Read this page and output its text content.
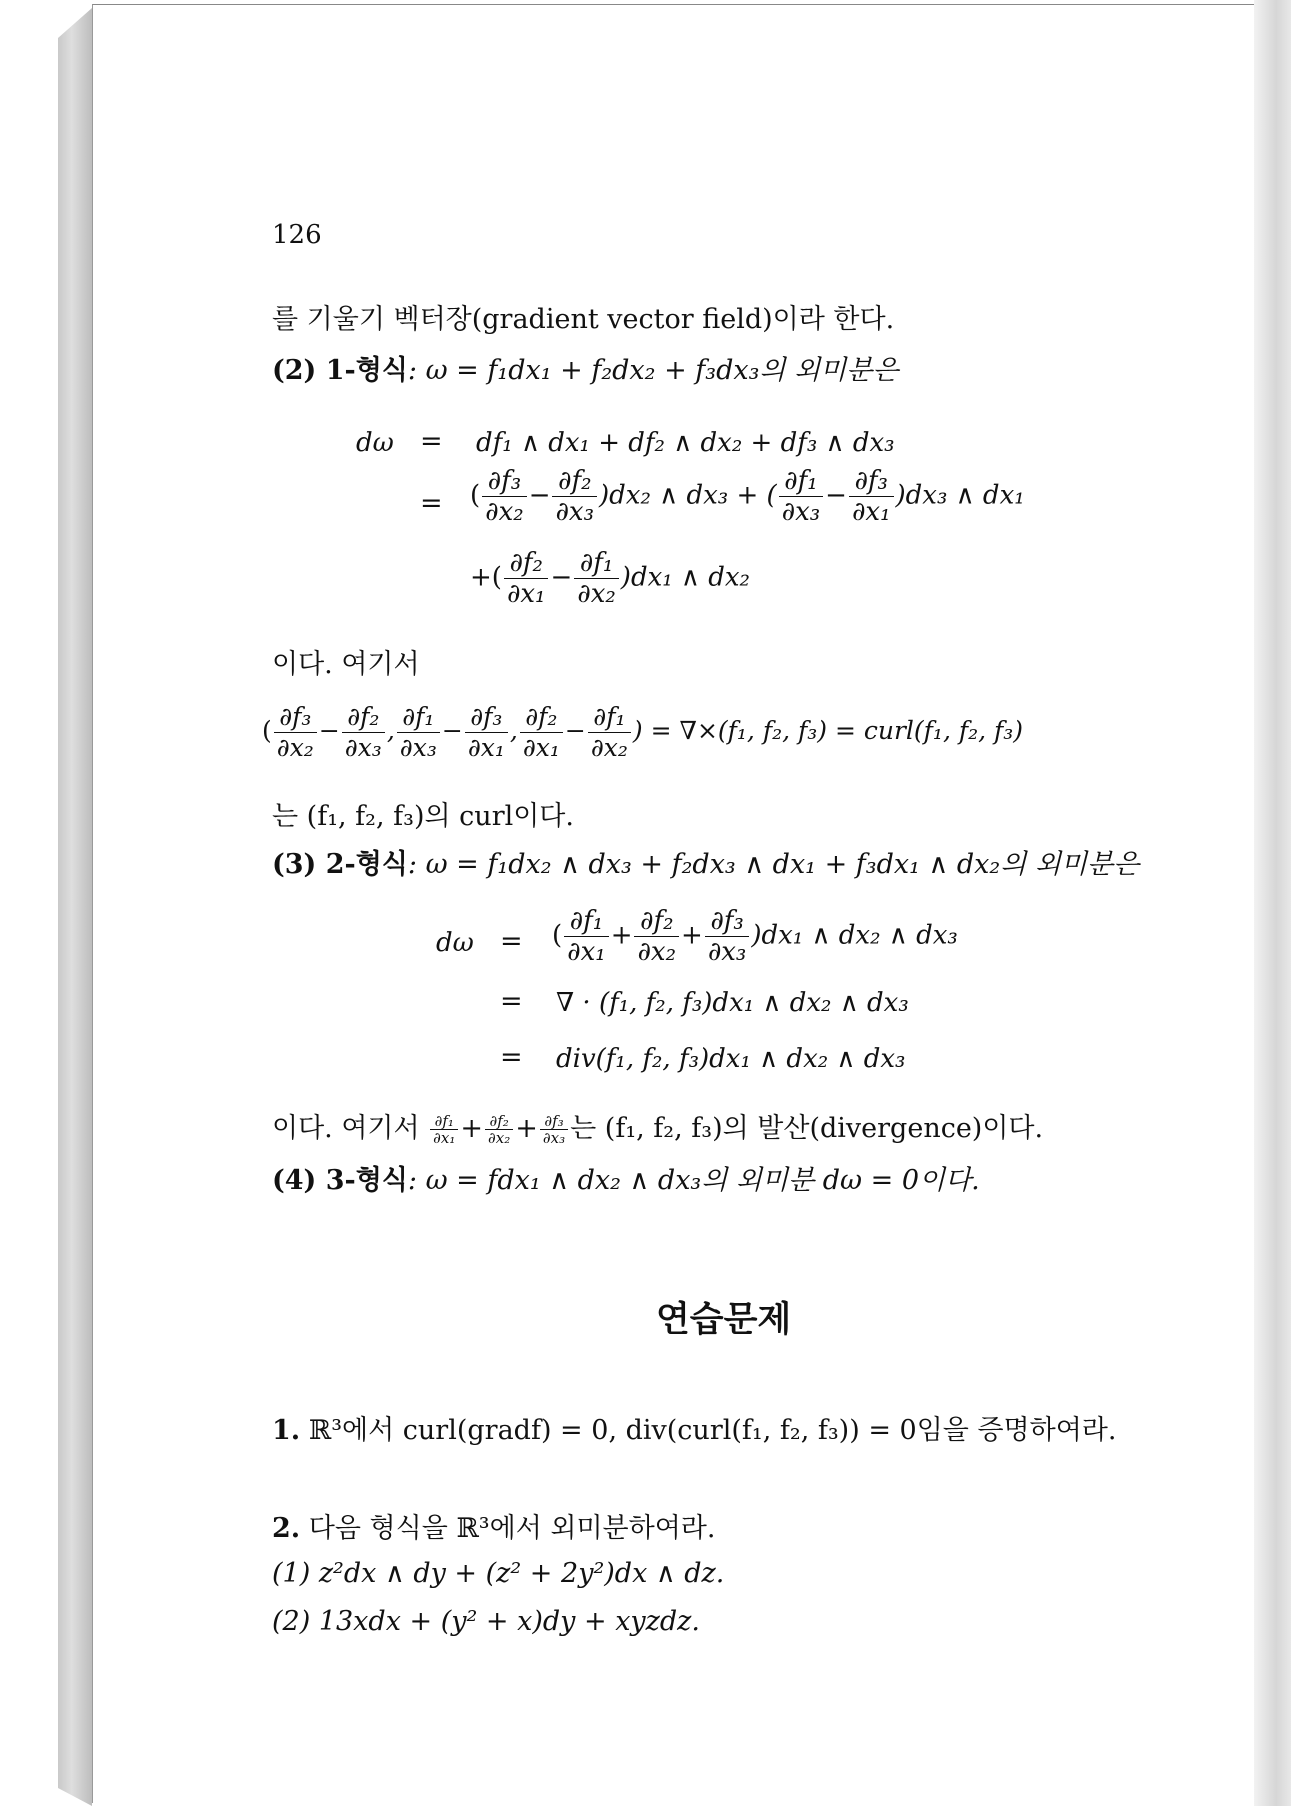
126
를 기울기 벡터장(gradient vector field)이라 한다.
(2) 1-형식: ω = f₁dx₁ + f₂dx₂ + f₃dx₃의 외미분은
dω = df₁ ∧ dx₁ + df₂ ∧ dx₂ + df₃ ∧ dx₃
= ( $\frac{\text{∂f₃}}{\text{∂x₂}} - \frac{\text{∂f₂}}{\text{∂x₃}} )dx_2$ ∧ dx₃ + ( $\frac{\text{∂f₁}}{\text{∂x₃}} - \frac{\text{∂f₃}}{\text{∂x₁}} )dx_3$ ∧ dx₁
+( $\frac{\text{∂f₂}}{\text{∂x₁}} - \frac{\text{∂f₁}}{\text{∂x₂}} )dx_1$ ∧ dx₂
이다. 여기서
( $\frac{\text{∂f₃}}{\text{∂x₂}} - \frac{\text{∂f₂}}{\text{∂x₃}}$ , $\frac{\text{∂f₁}}{\text{∂x₃}} - \frac{\text{∂f₃}}{\text{∂x₁}}$ , $\frac{\text{∂f₂}}{\text{∂x₁}} - \frac{\text{∂f₁}}{\text{∂x₂}}$ ) = ∇×(f₁, f₂, f₃) = curl(f₁, f₂, f₃)
는 (f₁, f₂, f₃)의 curl이다.
(3) 2-형식: ω = f₁dx₂ ∧ dx₃ + f₂dx₃ ∧ dx₁ + f₃dx₁ ∧ dx₂의 외미분은
dω = ( $\frac{\text{∂f₁}}{\text{∂x₁}} + \frac{\text{∂f₂}}{\text{∂x₂}} + \frac{\text{∂f₃}}{\text{∂x₃}} )dx_1$ ∧ dx₂ ∧ dx₃
= ∇ · (f₁, f₂, f₃)dx₁ ∧ dx₂ ∧ dx₃
= div(f₁, f₂, f₃)dx₁ ∧ dx₂ ∧ dx₃
이다. 여기서 $\frac{\text{∂f₁}}{\text{∂x₁}} + \frac{\text{∂f₂}}{\text{∂x₂}} + \frac{\text{∂f₃}}{\text{∂x₃}}$ 는 (f₁, f₂, f₃)의 발산(divergence)이다.
(4) 3-형식: ω = fdx₁ ∧ dx₂ ∧ dx₃의 외미분 dω = 0이다.
연습문제
1. ℝ³에서 curl(gradf) = 0, div(curl(f₁, f₂, f₃)) = 0임을 증명하여라.
2. 다음 형식을 ℝ³에서 외미분하여라.
(1) z²dx ∧ dy + (z² + 2y²)dx ∧ dz.
(2) 13xdx + (y² + x)dy + xyzdz.
